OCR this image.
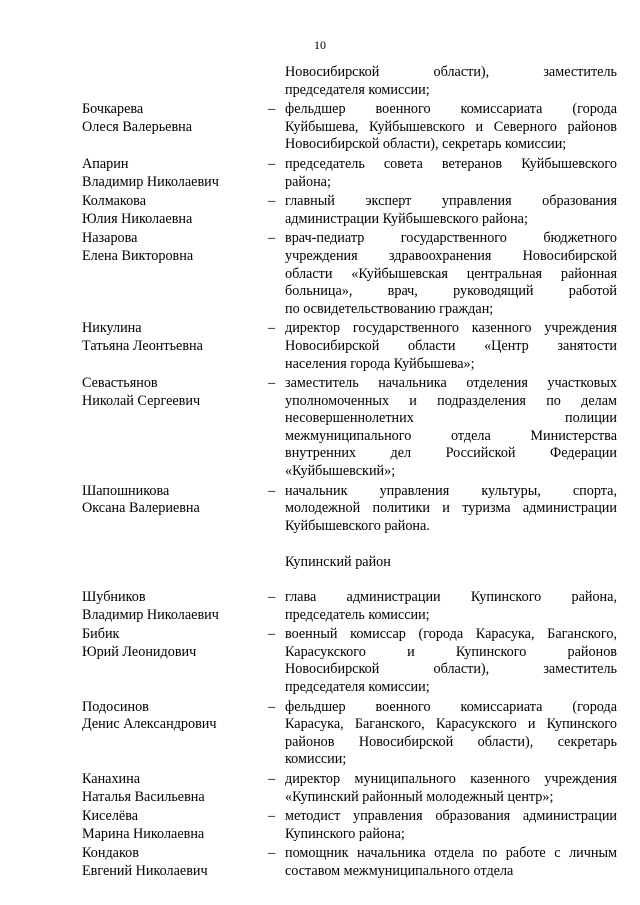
10
Новосибирской области), заместитель
председателя комиссии;
Бочкарева
Олеся Валерьевна
– фельдшер военного комиссариата (города
Куйбышева, Куйбышевского и Северного районов
Новосибирской области), секретарь комиссии;
Апарин
Владимир Николаевич
– председатель совета ветеранов Куйбышевского
района;
Колмакова
Юлия Николаевна
– главный эксперт управления образования
администрации Куйбышевского района;
Назарова
Елена Викторовна
– врач-педиатр государственного бюджетного
учреждения здравоохранения Новосибирской
области «Куйбышевская центральная районная
больница», врач, руководящий работой
по освидетельствованию граждан;
Никулина
Татьяна Леонтьевна
– директор государственного казенного учреждения
Новосибирской области «Центр занятости
населения города Куйбышева»;
Севастьянов
Николай Сергеевич
– заместитель начальника отделения участковых
уполномоченных и подразделения по делам
несовершеннолетних полиции
межмуниципального отдела Министерства
внутренних дел Российской Федерации
«Куйбышевский»;
Шапошникова
Оксана Валериевна
– начальник управления культуры, спорта,
молодежной политики и туризма администрации
Куйбышевского района.
Купинский район
Шубников
Владимир Николаевич
– глава администрации Купинского района,
председатель комиссии;
Бибик
Юрий Леонидович
– военный комиссар (города Карасука, Баганского,
Карасукского и Купинского районов
Новосибирской области), заместитель
председателя комиссии;
Подосинов
Денис Александрович
– фельдшер военного комиссариата (города
Карасука, Баганского, Карасукского и Купинского
районов Новосибирской области), секретарь
комиссии;
Канахина
Наталья Васильевна
– директор муниципального казенного учреждения
«Купинский районный молодежный центр»;
Киселёва
Марина Николаевна
– методист управления образования администрации
Купинского района;
Кондаков
Евгений Николаевич
– помощник начальника отдела по работе с личным
составом межмуниципального отдела
